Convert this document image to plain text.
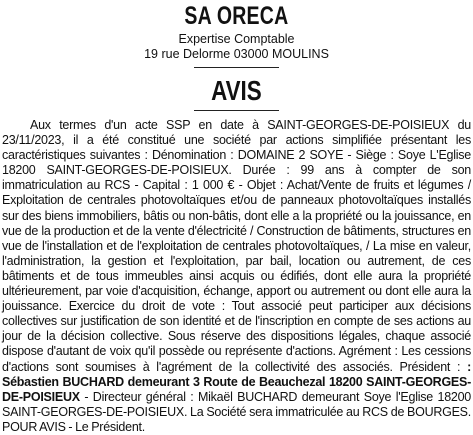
SA ORECA
Expertise Comptable
19 rue Delorme 03000 MOULINS
AVIS
Aux termes d'un acte SSP en date à SAINT-GEORGES-DE-POISIEUX du 23/11/2023, il a été constitué une société par actions simplifiée présentant les caractéristiques suivantes : Dénomination : DOMAINE 2 SOYE - Siège : Soye L'Eglise 18200 SAINT-GEORGES-DE-POISIEUX. Durée : 99 ans à compter de son immatriculation au RCS - Capital : 1 000 € - Objet : Achat/Vente de fruits et légumes / Exploitation de centrales photovoltaïques et/ou de panneaux photovoltaïques installés sur des biens immobiliers, bâtis ou non-bâtis, dont elle a la propriété ou la jouissance, en vue de la production et de la vente d'électricité / Construction de bâtiments, structures en vue de l'installation et de l'exploitation de centrales photovoltaïques, / La mise en valeur, l'administration, la gestion et l'exploitation, par bail, location ou autrement, de ces bâtiments et de tous immeubles ainsi acquis ou édifiés, dont elle aura la propriété ultérieurement, par voie d'acquisition, échange, apport ou autrement ou dont elle aura la jouissance. Exercice du droit de vote : Tout associé peut participer aux décisions collectives sur justification de son identité et de l'inscription en compte de ses actions au jour de la décision collective. Sous réserve des dispositions légales, chaque associé dispose d'autant de voix qu'il possède ou représente d'actions. Agrément : Les cessions d'actions sont soumises à l'agrément de la collectivité des associés. Président : : Sébastien BUCHARD demeurant 3 Route de Beauchezal 18200 SAINT-GEORGES-DE-POISIEUX - Directeur général : Mikaël BUCHARD demeurant Soye l'Eglise 18200 SAINT-GEORGES-DE-POISIEUX. La Société sera immatriculée au RCS de BOURGES. POUR AVIS - Le Président.
